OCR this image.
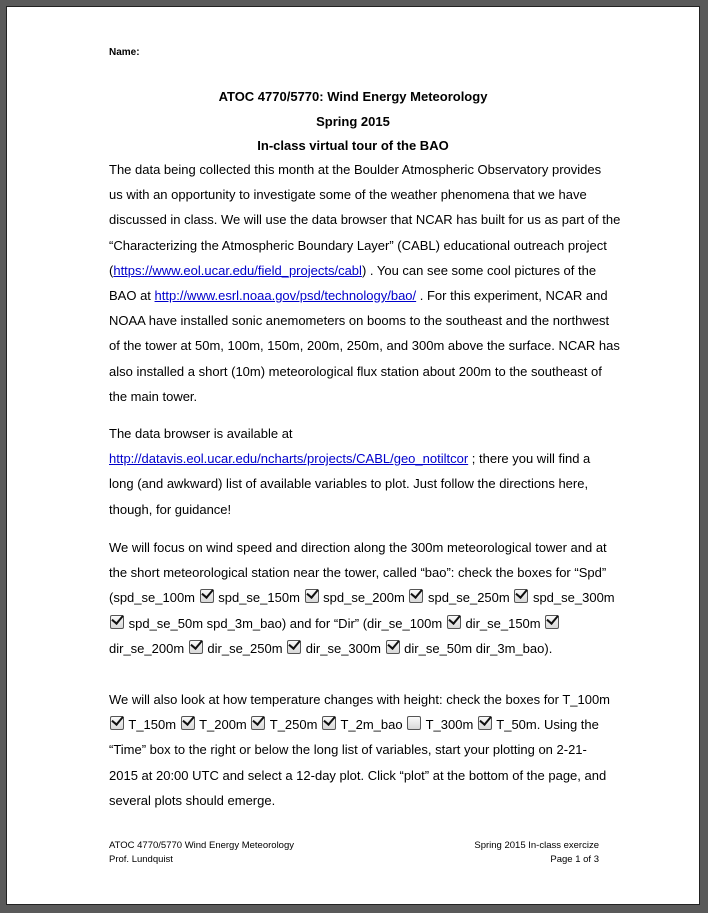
Name:
ATOC 4770/5770: Wind Energy Meteorology
Spring 2015
In-class virtual tour of the BAO
The data being collected this month at the Boulder Atmospheric Observatory provides
us with an opportunity to investigate some of the weather phenomena that we have
discussed in class. We will use the data browser that NCAR has built for us as part of the
“Characterizing the Atmospheric Boundary Layer” (CABL) educational outreach project
(https://www.eol.ucar.edu/field_projects/cabl) . You can see some cool pictures of the
BAO at http://www.esrl.noaa.gov/psd/technology/bao/ . For this experiment, NCAR and
NOAA have installed sonic anemometers on booms to the southeast and the northwest
of the tower at 50m, 100m, 150m, 200m, 250m, and 300m above the surface. NCAR has
also installed a short (10m) meteorological flux station about 200m to the southeast of
the main tower.
The data browser is available at
http://datavis.eol.ucar.edu/ncharts/projects/CABL/geo_notiltcor ; there you will find a
long (and awkward) list of available variables to plot. Just follow the directions here,
though, for guidance!
We will focus on wind speed and direction along the 300m meteorological tower and at
the short meteorological station near the tower, called “bao”: check the boxes for “Spd”
(spd_se_100m  spd_se_150m  spd_se_200m  spd_se_250m  spd_se_300m
spd_se_50m spd_3m_bao) and for “Dir” (dir_se_100m  dir_se_150m
dir_se_200m  dir_se_250m  dir_se_300m  dir_se_50m dir_3m_bao).
We will also look at how temperature changes with height: check the boxes for T_100m
T_150m  T_200m  T_250m  T_2m_bao  T_300m  T_50m. Using the
“Time” box to the right or below the long list of variables, start your plotting on 2-21-
2015 at 20:00 UTC and select a 12-day plot. Click “plot” at the bottom of the page, and
several plots should emerge.
ATOC 4770/5770 Wind Energy Meteorology
Prof. Lundquist
Spring 2015 In-class exercize
Page 1 of 3
